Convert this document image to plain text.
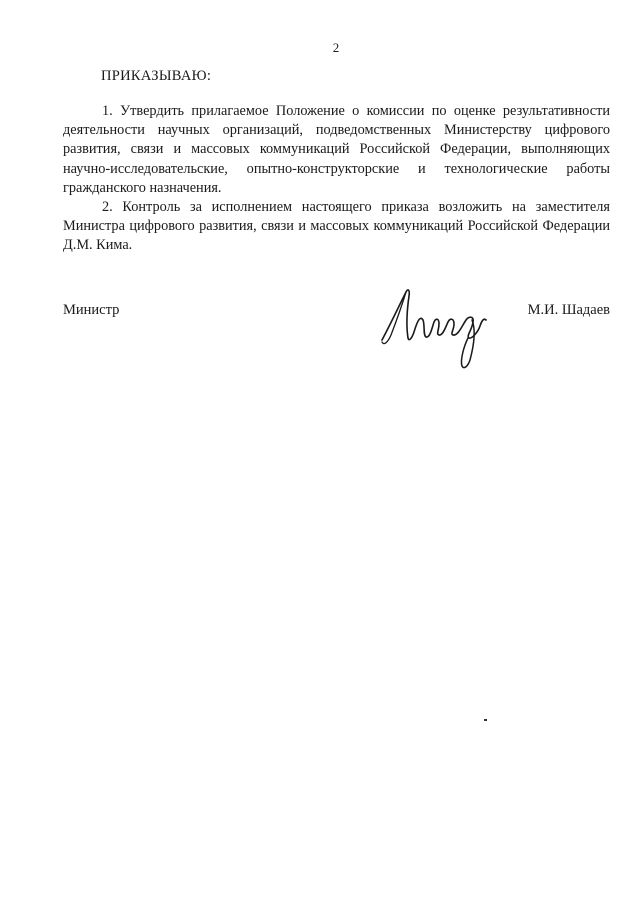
2
ПРИКАЗЫВАЮ:

1. Утвердить прилагаемое Положение о комиссии по оценке результативности деятельности научных организаций, подведомственных Министерству цифрового развития, связи и массовых коммуникаций Российской Федерации, выполняющих научно-исследовательские, опытно-конструкторские и технологические работы гражданского назначения.

2. Контроль за исполнением настоящего приказа возложить на заместителя Министра цифрового развития, связи и массовых коммуникаций Российской Федерации Д.М. Кима.

Министр	М.И. Шадаев
